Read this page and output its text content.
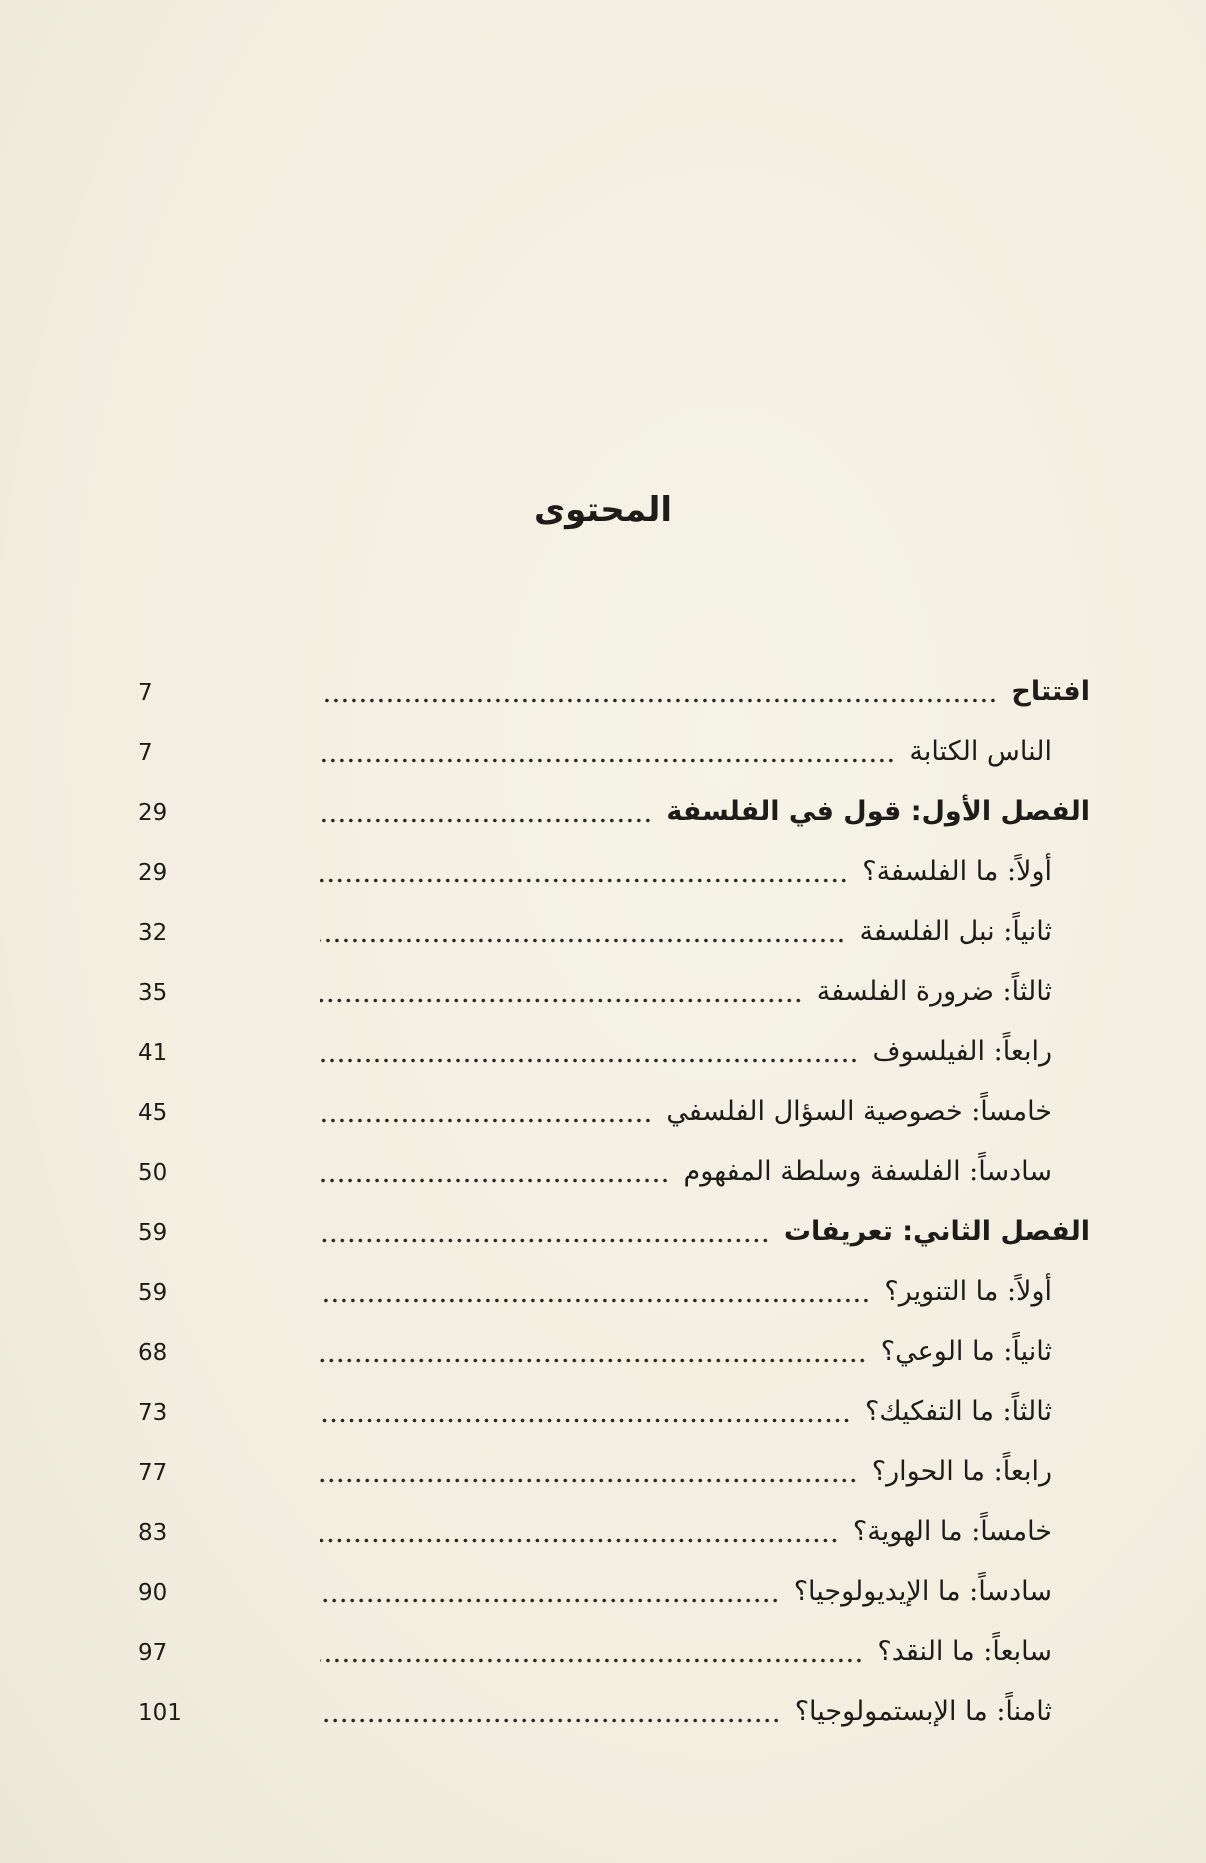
المحتوى
7	افتتاح
7	الناس الكتابة
29	الفصل الأول: قول في الفلسفة
29	أولاً: ما الفلسفة؟
32	ثانياً: نبل الفلسفة
35	ثالثاً: ضرورة الفلسفة
41	رابعاً: الفيلسوف
45	خامساً: خصوصية السؤال الفلسفي
50	سادساً: الفلسفة وسلطة المفهوم
59	الفصل الثاني: تعريفات
59	أولاً: ما التنوير؟
68	ثانياً: ما الوعي؟
73	ثالثاً: ما التفكيك؟
77	رابعاً: ما الحوار؟
83	خامساً: ما الهوية؟
90	سادساً: ما الإيديولوجيا؟
97	سابعاً: ما النقد؟
101	ثامناً: ما الإبستمولوجيا؟
